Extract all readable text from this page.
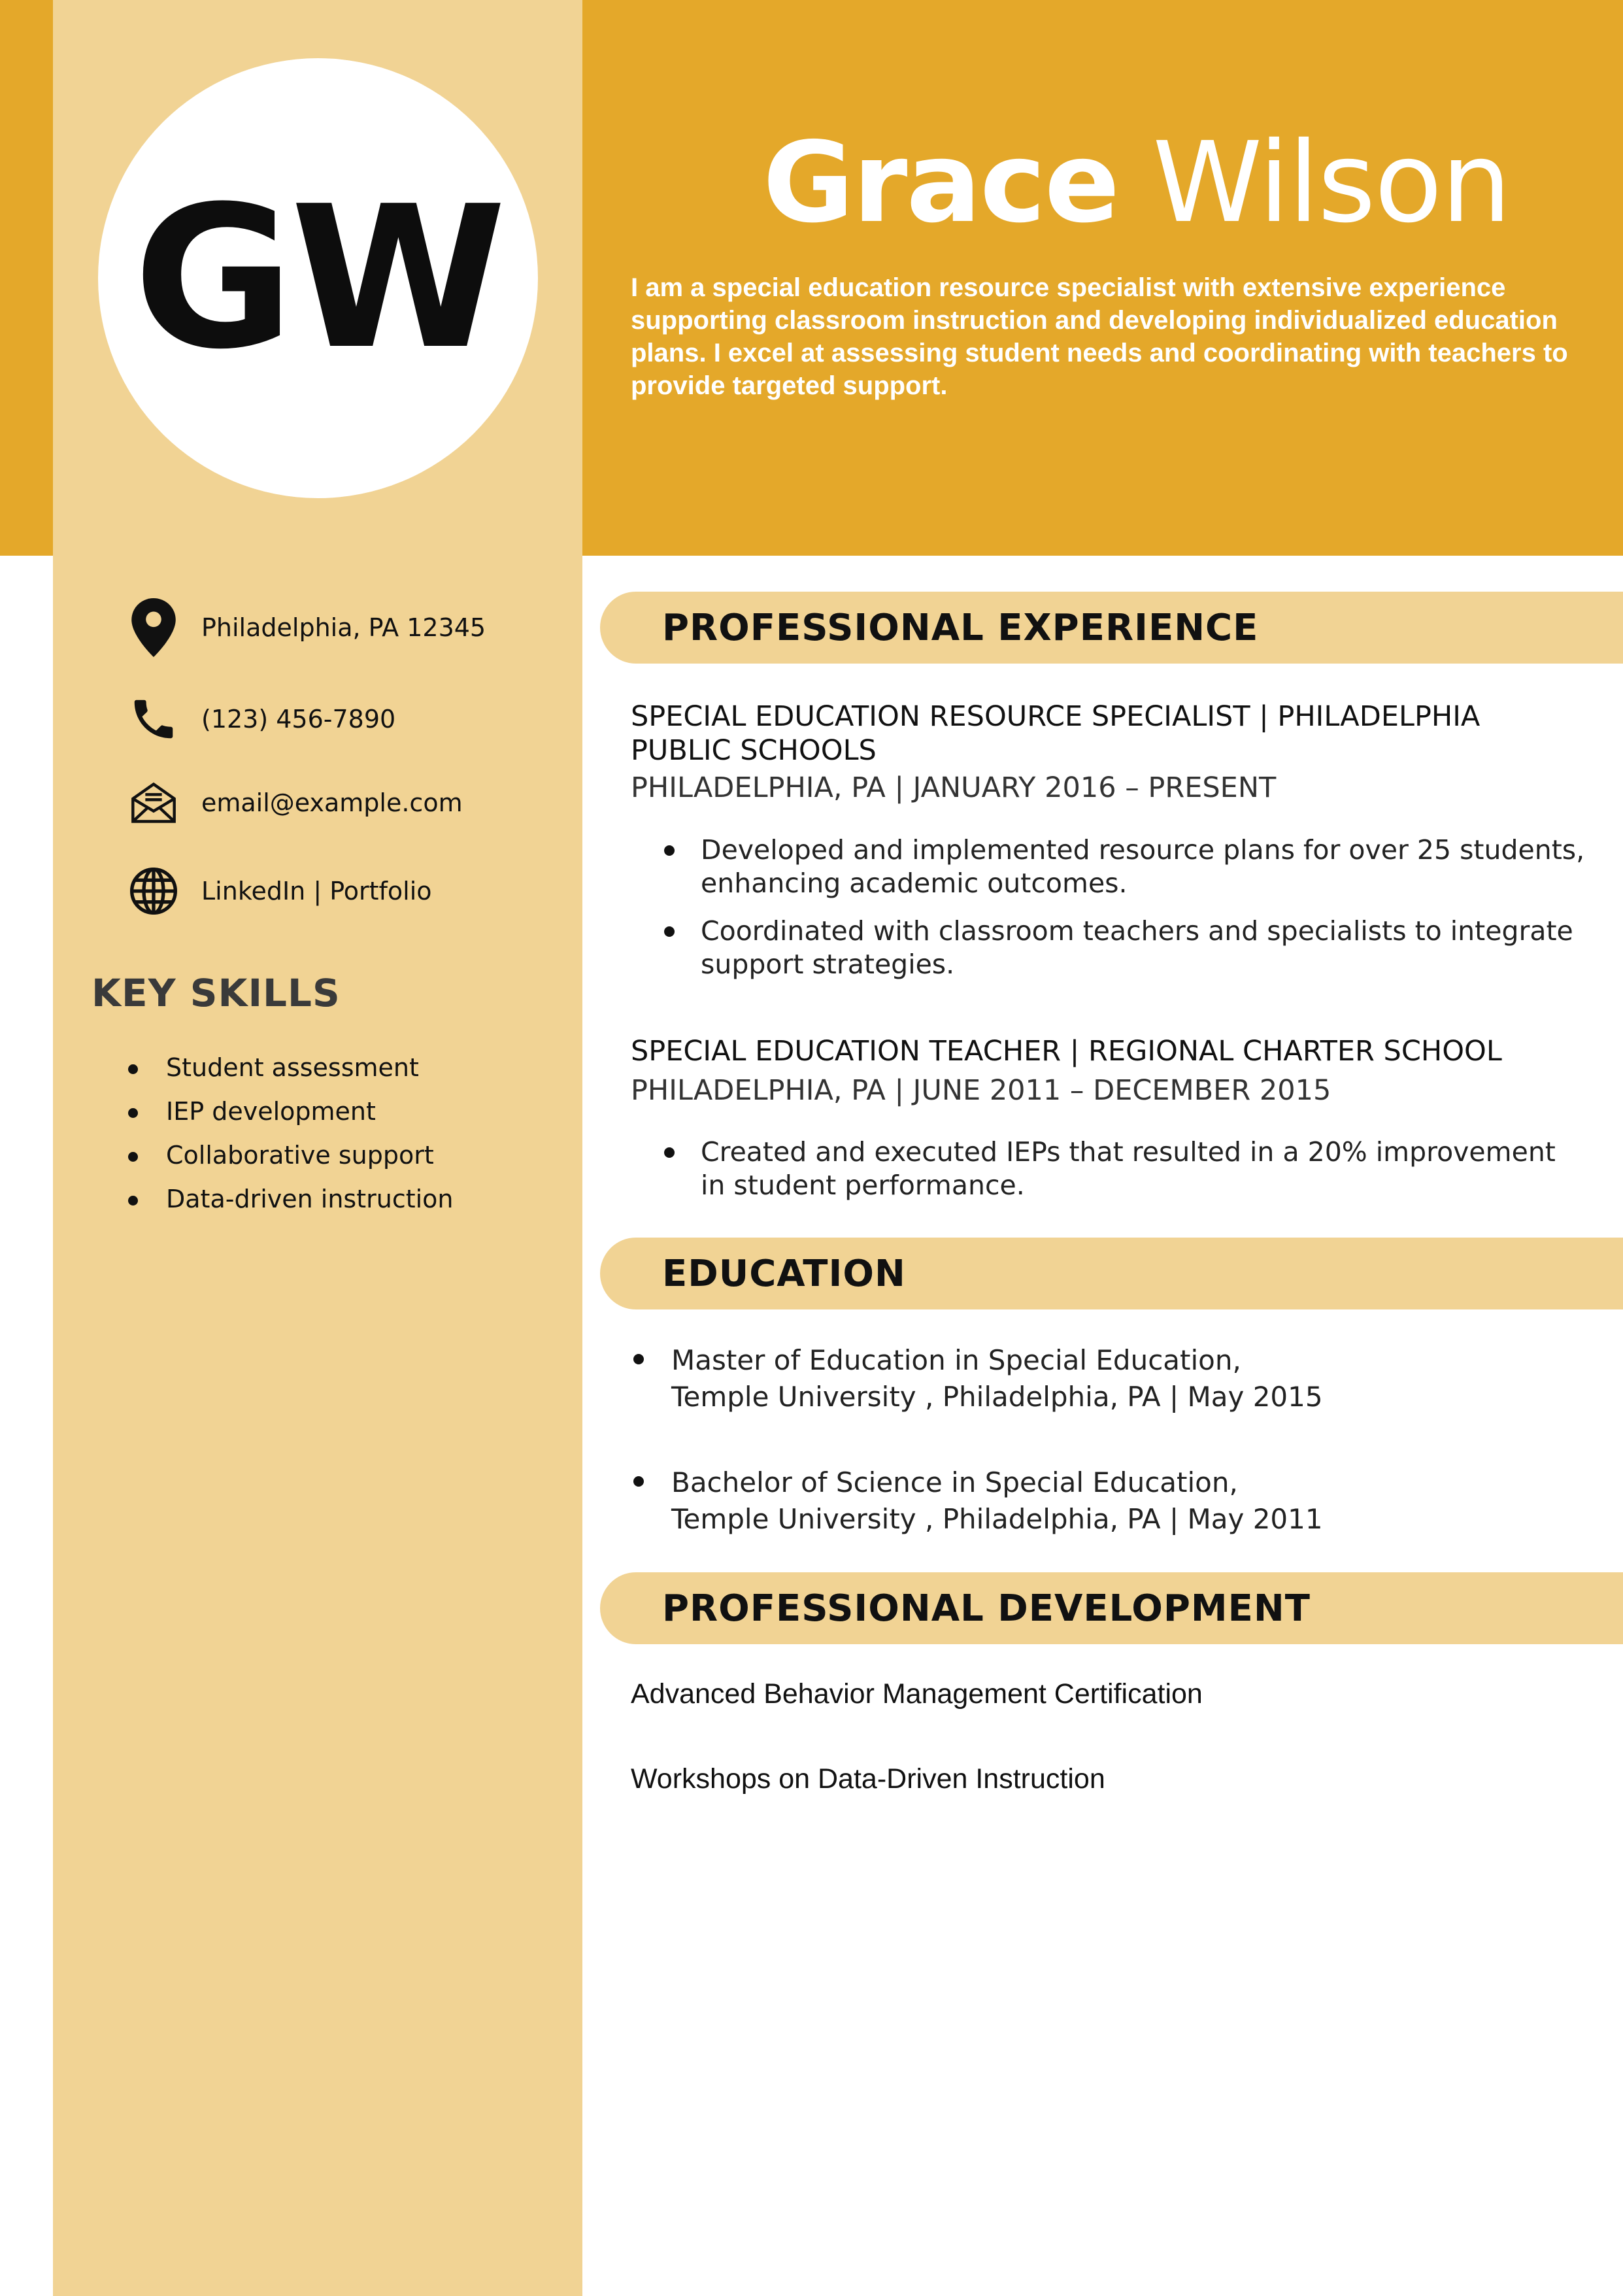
GW Grace Wilson
I am a special education resource specialist with extensive experience supporting classroom instruction and developing individualized education plans. I excel at assessing student needs and coordinating with teachers to provide targeted support.
Philadelphia, PA 12345
(123) 456-7890
email@example.com
LinkedIn | Portfolio
KEY SKILLS
Student assessment
IEP development
Collaborative support
Data-driven instruction
PROFESSIONAL EXPERIENCE
SPECIAL EDUCATION RESOURCE SPECIALIST | PHILADELPHIA PUBLIC SCHOOLS
PHILADELPHIA, PA | JANUARY 2016 – PRESENT
Developed and implemented resource plans for over 25 students, enhancing academic outcomes.
Coordinated with classroom teachers and specialists to integrate support strategies.
SPECIAL EDUCATION TEACHER | REGIONAL CHARTER SCHOOL
PHILADELPHIA, PA | JUNE 2011 – DECEMBER 2015
Created and executed IEPs that resulted in a 20% improvement in student performance.
EDUCATION
Master of Education in Special Education,
Temple University , Philadelphia, PA | May 2015
Bachelor of Science in Special Education,
Temple University , Philadelphia, PA | May 2011
PROFESSIONAL DEVELOPMENT
Advanced Behavior Management Certification
Workshops on Data-Driven Instruction
